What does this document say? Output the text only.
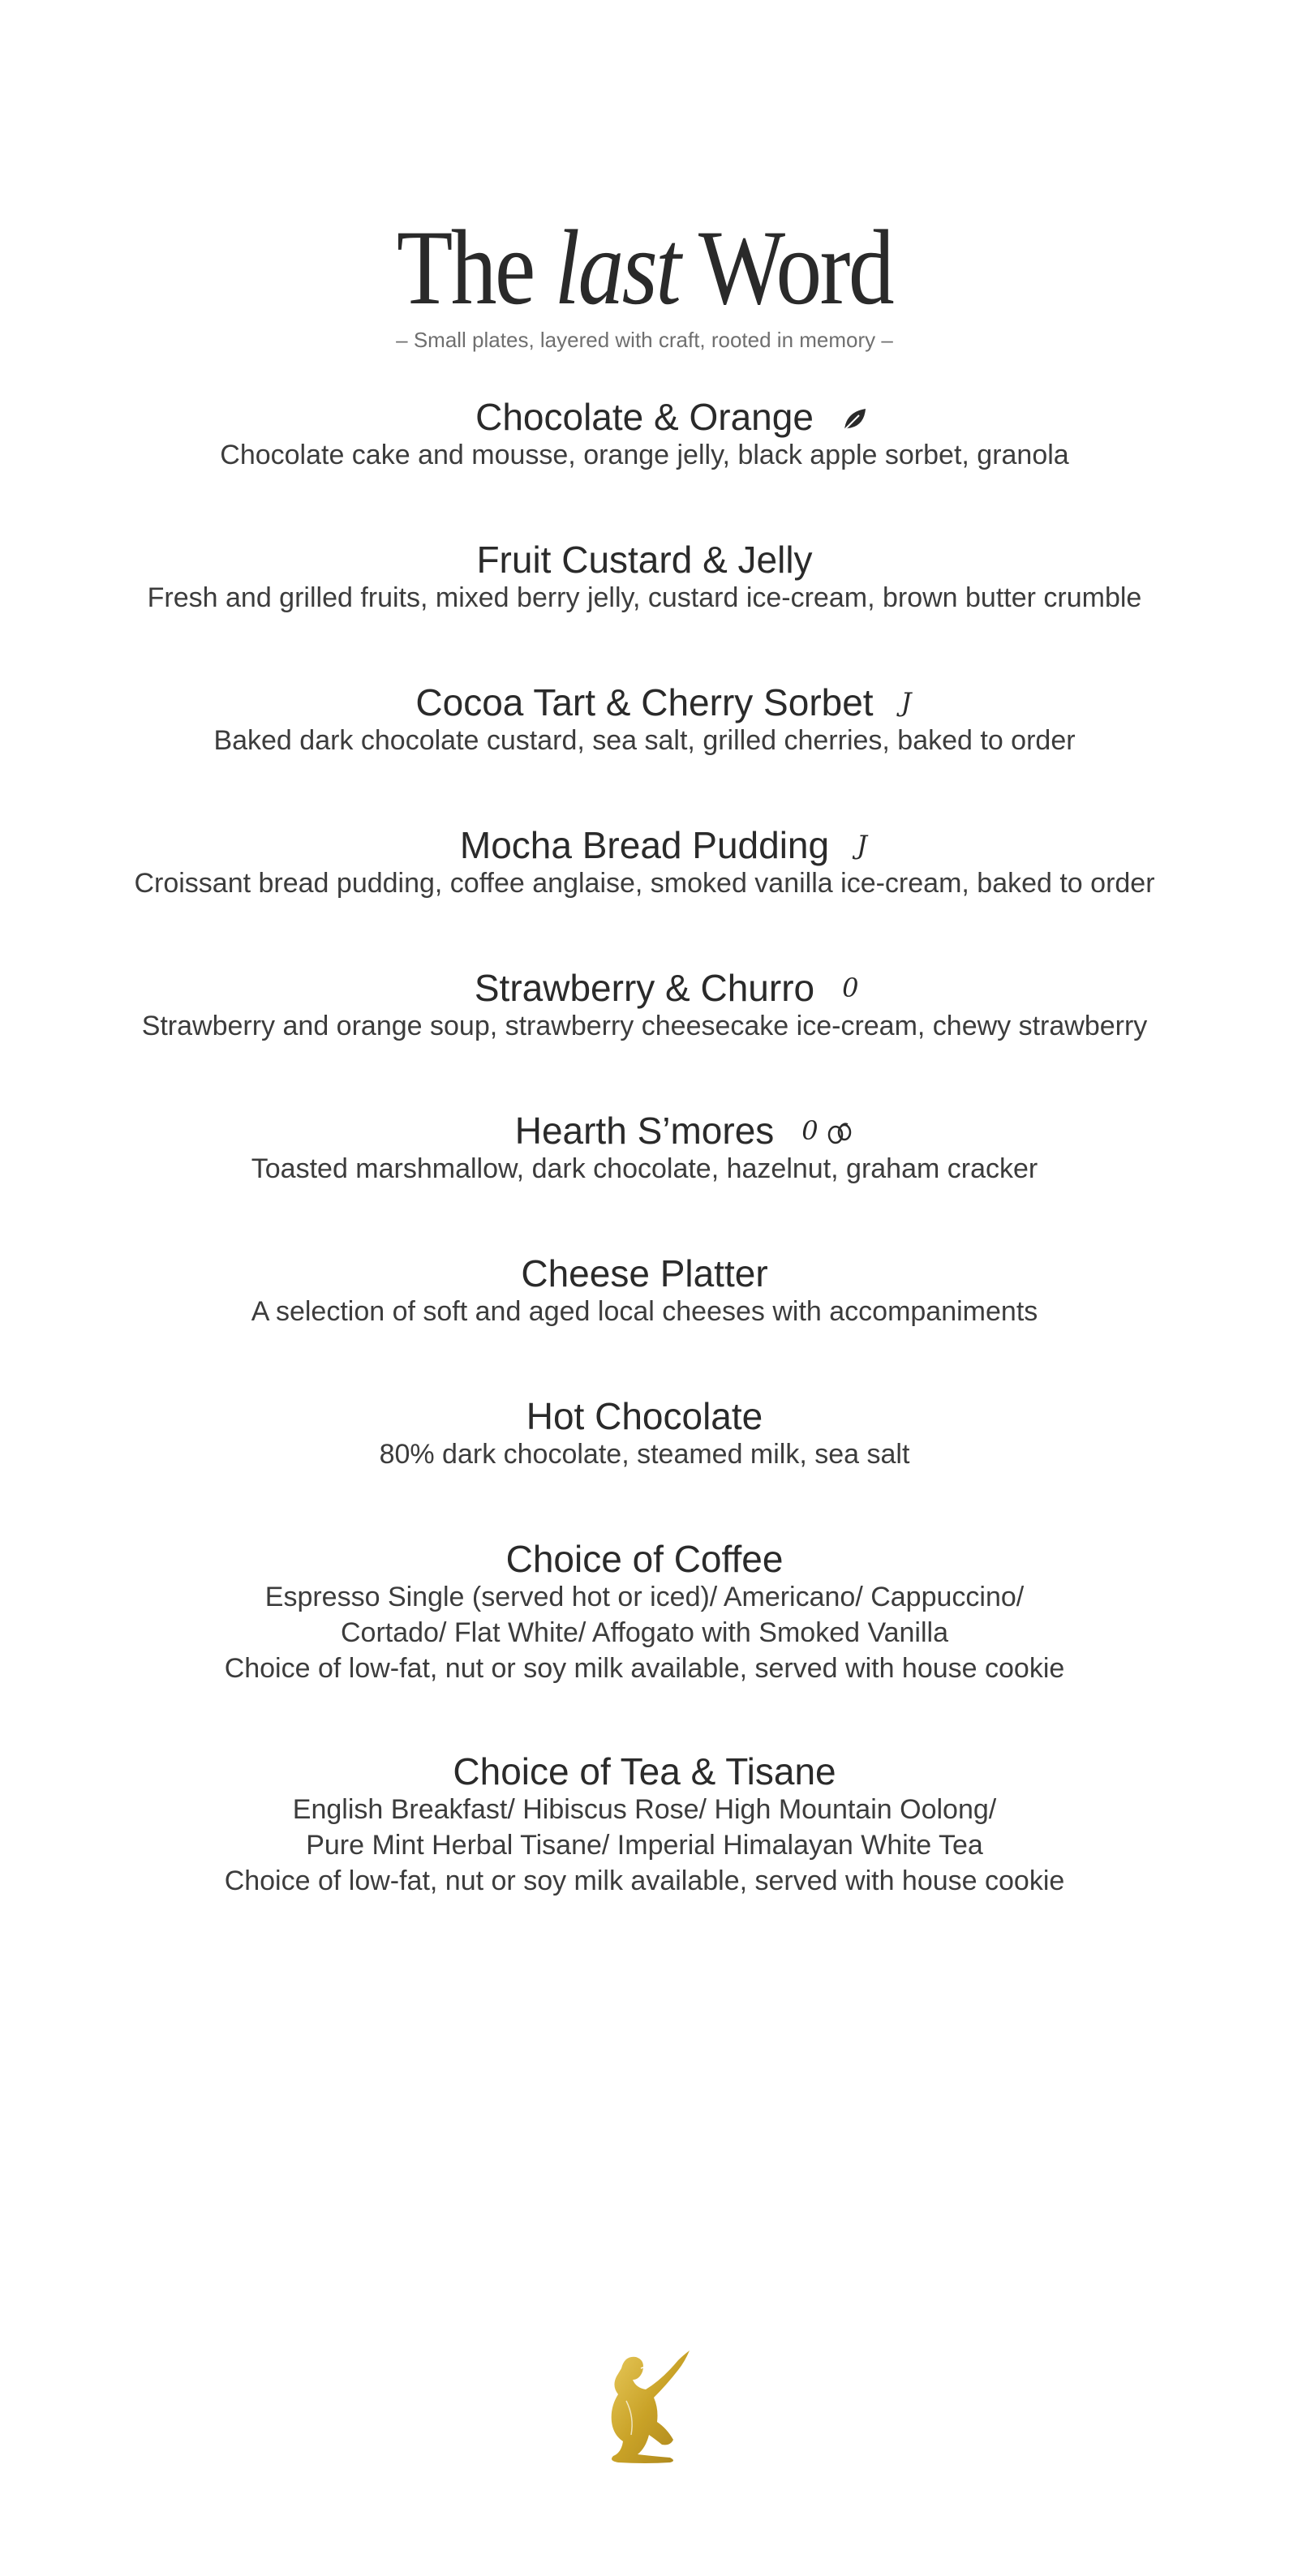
The last Word
– Small plates, layered with craft, rooted in memory –
Chocolate & Orange
Chocolate cake and mousse, orange jelly, black apple sorbet, granola
Fruit Custard & Jelly
Fresh and grilled fruits, mixed berry jelly, custard ice-cream, brown butter crumble
Cocoa Tart & Cherry Sorbet J
Baked dark chocolate custard, sea salt, grilled cherries, baked to order
Mocha Bread Pudding J
Croissant bread pudding, coffee anglaise, smoked vanilla ice-cream, baked to order
Strawberry & Churro 0
Strawberry and orange soup, strawberry cheesecake ice-cream, chewy strawberry
Hearth S’mores 0
Toasted marshmallow, dark chocolate, hazelnut, graham cracker
Cheese Platter
A selection of soft and aged local cheeses with accompaniments
Hot Chocolate
80% dark chocolate, steamed milk, sea salt
Choice of Coffee
Espresso Single (served hot or iced)/ Americano/ Cappuccino/
Cortado/ Flat White/ Affogato with Smoked Vanilla
Choice of low-fat, nut or soy milk available, served with house cookie
Choice of Tea & Tisane
English Breakfast/ Hibiscus Rose/ High Mountain Oolong/
Pure Mint Herbal Tisane/ Imperial Himalayan White Tea
Choice of low-fat, nut or soy milk available, served with house cookie
